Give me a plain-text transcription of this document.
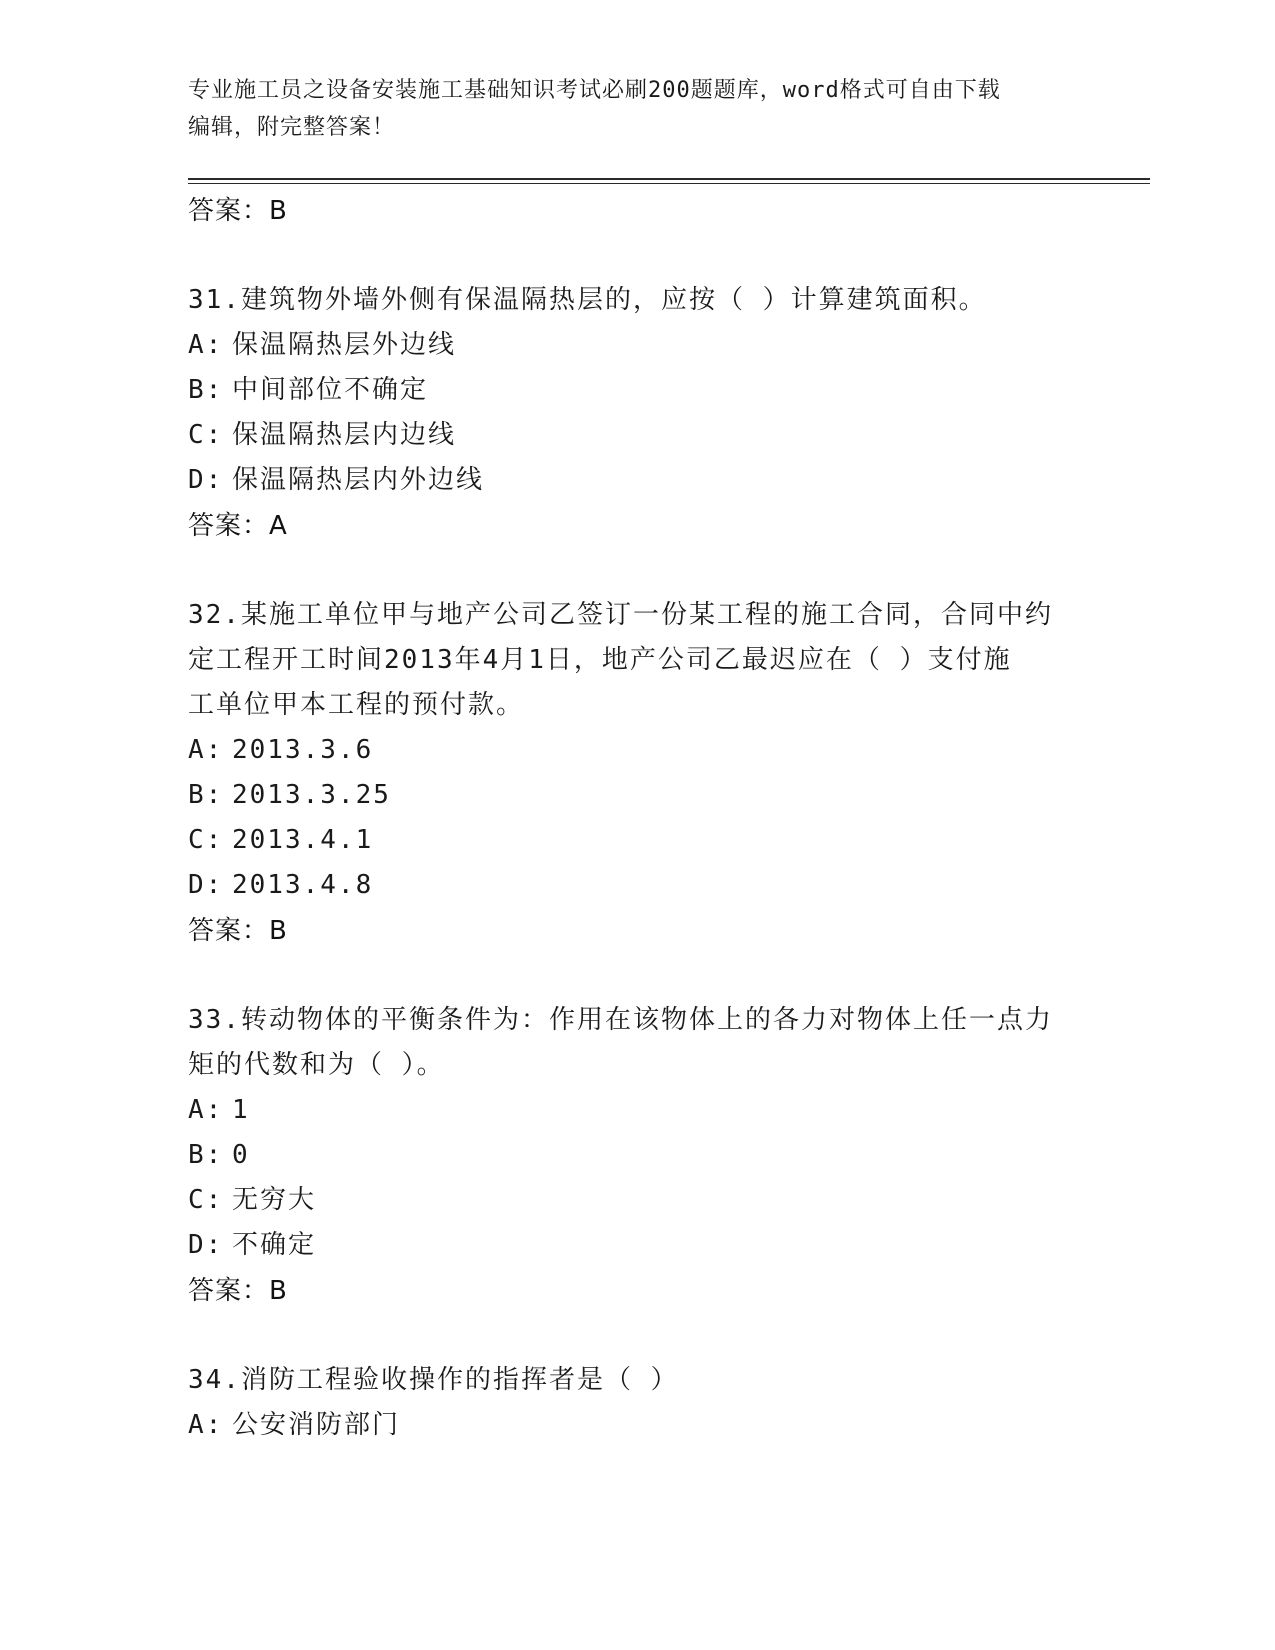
专业施工员之设备安装施工基础知识考试必刷200题题库，word格式可自由下载
编辑，附完整答案！
答案：B
31.建筑物外墙外侧有保温隔热层的，应按（ ）计算建筑面积。
A: 保温隔热层外边线
B: 中间部位不确定
C: 保温隔热层内边线
D: 保温隔热层内外边线
答案：A
32.某施工单位甲与地产公司乙签订一份某工程的施工合同，合同中约
定工程开工时间2013年4月1日，地产公司乙最迟应在（ ）支付施
工单位甲本工程的预付款。
A: 2013.3.6
B: 2013.3.25
C: 2013.4.1
D: 2013.4.8
答案：B
33.转动物体的平衡条件为：作用在该物体上的各力对物体上任一点力
矩的代数和为（ ）。
A: 1
B: 0
C: 无穷大
D: 不确定
答案：B
34.消防工程验收操作的指挥者是（ ）
A: 公安消防部门
